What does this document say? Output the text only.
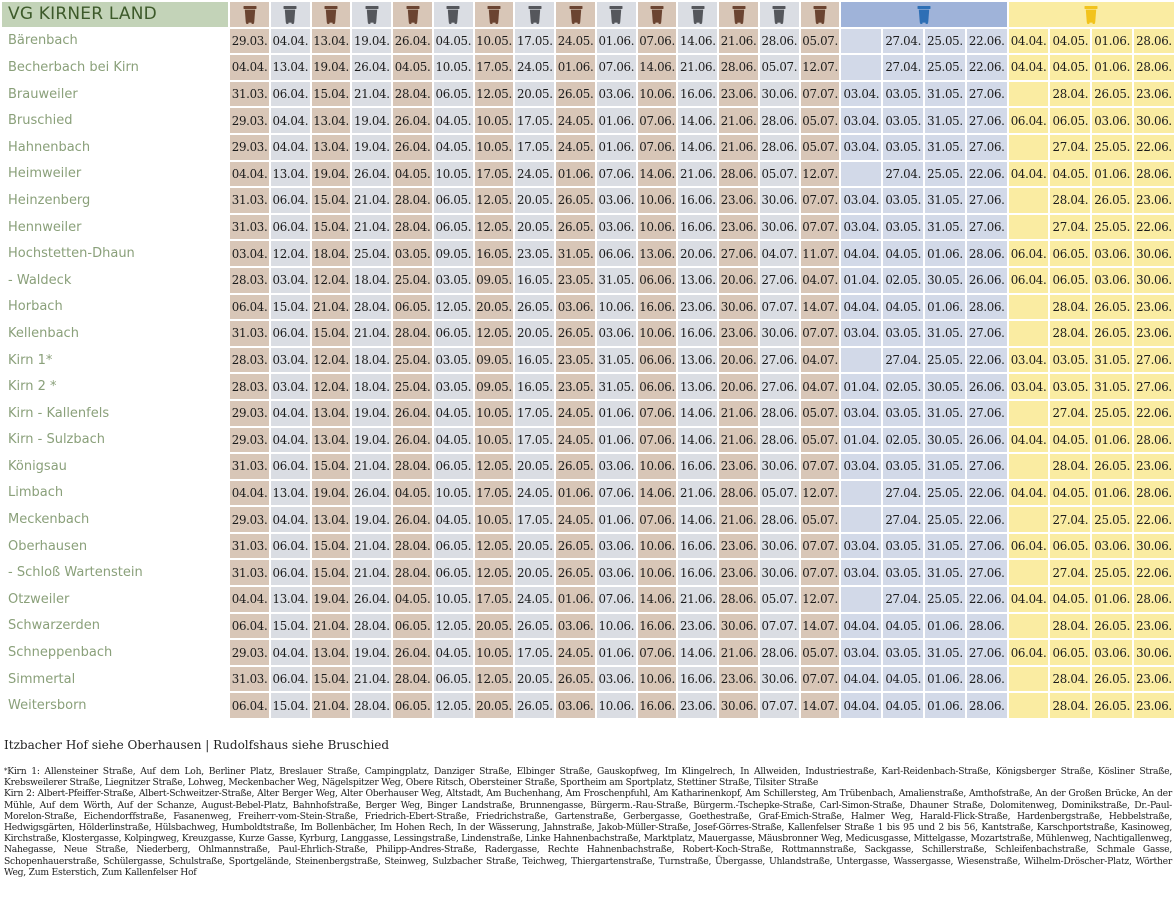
VG KIRNER LAND																	
Bärenbach	29.03.	04.04.	13.04.	19.04.	26.04.	04.05.	10.05.	17.05.	24.05.	01.06.	07.06.	14.06.	21.06.	28.06.	05.07.		27.04.	25.05.	22.06.	04.04.	04.05.	01.06.	28.06.
Becherbach bei Kirn	04.04.	13.04.	19.04.	26.04.	04.05.	10.05.	17.05.	24.05.	01.06.	07.06.	14.06.	21.06.	28.06.	05.07.	12.07.		27.04.	25.05.	22.06.	04.04.	04.05.	01.06.	28.06.
Brauweiler	31.03.	06.04.	15.04.	21.04.	28.04.	06.05.	12.05.	20.05.	26.05.	03.06.	10.06.	16.06.	23.06.	30.06.	07.07.	03.04.	03.05.	31.05.	27.06.		28.04.	26.05.	23.06.
Bruschied	29.03.	04.04.	13.04.	19.04.	26.04.	04.05.	10.05.	17.05.	24.05.	01.06.	07.06.	14.06.	21.06.	28.06.	05.07.	03.04.	03.05.	31.05.	27.06.	06.04.	06.05.	03.06.	30.06.
Hahnenbach	29.03.	04.04.	13.04.	19.04.	26.04.	04.05.	10.05.	17.05.	24.05.	01.06.	07.06.	14.06.	21.06.	28.06.	05.07.	03.04.	03.05.	31.05.	27.06.		27.04.	25.05.	22.06.
Heimweiler	04.04.	13.04.	19.04.	26.04.	04.05.	10.05.	17.05.	24.05.	01.06.	07.06.	14.06.	21.06.	28.06.	05.07.	12.07.		27.04.	25.05.	22.06.	04.04.	04.05.	01.06.	28.06.
Heinzenberg	31.03.	06.04.	15.04.	21.04.	28.04.	06.05.	12.05.	20.05.	26.05.	03.06.	10.06.	16.06.	23.06.	30.06.	07.07.	03.04.	03.05.	31.05.	27.06.		28.04.	26.05.	23.06.
Hennweiler	31.03.	06.04.	15.04.	21.04.	28.04.	06.05.	12.05.	20.05.	26.05.	03.06.	10.06.	16.06.	23.06.	30.06.	07.07.	03.04.	03.05.	31.05.	27.06.		27.04.	25.05.	22.06.
Hochstetten-Dhaun	03.04.	12.04.	18.04.	25.04.	03.05.	09.05.	16.05.	23.05.	31.05.	06.06.	13.06.	20.06.	27.06.	04.07.	11.07.	04.04.	04.05.	01.06.	28.06.	06.04.	06.05.	03.06.	30.06.
- Waldeck	28.03.	03.04.	12.04.	18.04.	25.04.	03.05.	09.05.	16.05.	23.05.	31.05.	06.06.	13.06.	20.06.	27.06.	04.07.	01.04.	02.05.	30.05.	26.06.	06.04.	06.05.	03.06.	30.06.
Horbach	06.04.	15.04.	21.04.	28.04.	06.05.	12.05.	20.05.	26.05.	03.06.	10.06.	16.06.	23.06.	30.06.	07.07.	14.07.	04.04.	04.05.	01.06.	28.06.		28.04.	26.05.	23.06.
Kellenbach	31.03.	06.04.	15.04.	21.04.	28.04.	06.05.	12.05.	20.05.	26.05.	03.06.	10.06.	16.06.	23.06.	30.06.	07.07.	03.04.	03.05.	31.05.	27.06.		28.04.	26.05.	23.06.
Kirn 1*	28.03.	03.04.	12.04.	18.04.	25.04.	03.05.	09.05.	16.05.	23.05.	31.05.	06.06.	13.06.	20.06.	27.06.	04.07.		27.04.	25.05.	22.06.	03.04.	03.05.	31.05.	27.06.
Kirn 2 *	28.03.	03.04.	12.04.	18.04.	25.04.	03.05.	09.05.	16.05.	23.05.	31.05.	06.06.	13.06.	20.06.	27.06.	04.07.	01.04.	02.05.	30.05.	26.06.	03.04.	03.05.	31.05.	27.06.
Kirn - Kallenfels	29.03.	04.04.	13.04.	19.04.	26.04.	04.05.	10.05.	17.05.	24.05.	01.06.	07.06.	14.06.	21.06.	28.06.	05.07.	03.04.	03.05.	31.05.	27.06.		27.04.	25.05.	22.06.
Kirn - Sulzbach	29.03.	04.04.	13.04.	19.04.	26.04.	04.05.	10.05.	17.05.	24.05.	01.06.	07.06.	14.06.	21.06.	28.06.	05.07.	01.04.	02.05.	30.05.	26.06.	04.04.	04.05.	01.06.	28.06.
Königsau	31.03.	06.04.	15.04.	21.04.	28.04.	06.05.	12.05.	20.05.	26.05.	03.06.	10.06.	16.06.	23.06.	30.06.	07.07.	03.04.	03.05.	31.05.	27.06.		28.04.	26.05.	23.06.
Limbach	04.04.	13.04.	19.04.	26.04.	04.05.	10.05.	17.05.	24.05.	01.06.	07.06.	14.06.	21.06.	28.06.	05.07.	12.07.		27.04.	25.05.	22.06.	04.04.	04.05.	01.06.	28.06.
Meckenbach	29.03.	04.04.	13.04.	19.04.	26.04.	04.05.	10.05.	17.05.	24.05.	01.06.	07.06.	14.06.	21.06.	28.06.	05.07.		27.04.	25.05.	22.06.		27.04.	25.05.	22.06.
Oberhausen	31.03.	06.04.	15.04.	21.04.	28.04.	06.05.	12.05.	20.05.	26.05.	03.06.	10.06.	16.06.	23.06.	30.06.	07.07.	03.04.	03.05.	31.05.	27.06.	06.04.	06.05.	03.06.	30.06.
- Schloß Wartenstein	31.03.	06.04.	15.04.	21.04.	28.04.	06.05.	12.05.	20.05.	26.05.	03.06.	10.06.	16.06.	23.06.	30.06.	07.07.	03.04.	03.05.	31.05.	27.06.		27.04.	25.05.	22.06.
Otzweiler	04.04.	13.04.	19.04.	26.04.	04.05.	10.05.	17.05.	24.05.	01.06.	07.06.	14.06.	21.06.	28.06.	05.07.	12.07.		27.04.	25.05.	22.06.	04.04.	04.05.	01.06.	28.06.
Schwarzerden	06.04.	15.04.	21.04.	28.04.	06.05.	12.05.	20.05.	26.05.	03.06.	10.06.	16.06.	23.06.	30.06.	07.07.	14.07.	04.04.	04.05.	01.06.	28.06.		28.04.	26.05.	23.06.
Schneppenbach	29.03.	04.04.	13.04.	19.04.	26.04.	04.05.	10.05.	17.05.	24.05.	01.06.	07.06.	14.06.	21.06.	28.06.	05.07.	03.04.	03.05.	31.05.	27.06.	06.04.	06.05.	03.06.	30.06.
Simmertal	31.03.	06.04.	15.04.	21.04.	28.04.	06.05.	12.05.	20.05.	26.05.	03.06.	10.06.	16.06.	23.06.	30.06.	07.07.	04.04.	04.05.	01.06.	28.06.		28.04.	26.05.	23.06.
Weitersborn	06.04.	15.04.	21.04.	28.04.	06.05.	12.05.	20.05.	26.05.	03.06.	10.06.	16.06.	23.06.	30.06.	07.07.	14.07.	04.04.	04.05.	01.06.	28.06.		28.04.	26.05.	23.06.
Itzbacher Hof siehe Oberhausen | Rudolfshaus siehe Bruschied

*Kirn 1: Allensteiner Straße, Auf dem Loh, Berliner Platz, Breslauer Straße, Campingplatz, Danziger Straße, Elbinger Straße, Gauskopfweg, Im Klingelrech, In Allweiden, Industriestraße, Karl-Reidenbach-Straße, Königsberger Straße, Kösliner Straße, Krebsweilerer Straße, Liegnitzer Straße, Lohweg, Meckenbacher Weg, Nägelspitzer Weg, Obere Ritsch, Obersteiner Straße, Sportheim am Sportplatz, Stettiner Straße, Tilsiter Straße

Kirn 2: Albert-Pfeiffer-Straße, Albert-Schweitzer-Straße, Alter Berger Weg, Alter Oberhauser Weg, Altstadt, Am Buchenhang, Am Froschenpfuhl, Am Katharinenkopf, Am Schillersteg, Am Trübenbach, Amalienstraße, Amthofstraße, An der Großen Brücke, An der Mühle, Auf dem Wörth, Auf der Schanze, August-Bebel-Platz, Bahnhofstraße, Berger Weg, Binger Landstraße, Brunnengasse, Bürgerm.-Rau-Straße, Bürgerm.-Tschepke-Straße, Carl-Simon-Straße, Dhauner Straße, Dolomitenweg, Dominikstraße, Dr.-Paul-Morelon-Straße, Eichendorffstraße, Fasanenweg, Freiherr-vom-Stein-Straße, Friedrich-Ebert-Straße, Friedrichstraße, Gartenstraße, Gerbergasse, Goethestraße, Graf-Emich-Straße, Halmer Weg, Harald-Flick-Straße, Hardenbergstraße, Hebbelstraße, Hedwigsgärten, Hölderlinstraße, Hülsbachweg, Humboldtstraße, Im Bollenbächer, Im Hohen Rech, In der Wässerung, Jahnstraße, Jakob-Müller-Straße, Josef-Görres-Straße, Kallenfelser Straße 1 bis 95 und 2 bis 56, Kantstraße, Karschportstraße, Kasinoweg, Kirchstraße, Klostergasse, Kolpingweg, Kreuzgasse, Kurze Gasse, Kyrburg, Langgasse, Lessingstraße, Lindenstraße, Linke Hahnenbachstraße, Marktplatz, Mauergasse, Mäusbronner Weg, Medicusgasse, Mittelgasse, Mozartstraße, Mühlenweg, Nachtigallenweg, Nahegasse, Neue Straße, Niederberg, Ohlmannstraße, Paul-Ehrlich-Straße, Philipp-Andres-Straße, Radergasse, Rechte Hahnenbachstraße, Robert-Koch-Straße, Rottmannstraße, Sackgasse, Schillerstraße, Schleifenbachstraße, Schmale Gasse, Schopenhauerstraße, Schülergasse, Schulstraße, Sportgelände, Steinenbergstraße, Steinweg, Sulzbacher Straße, Teichweg, Thiergartenstraße, Turnstraße, Übergasse, Uhlandstraße, Untergasse, Wassergasse, Wiesenstraße, Wilhelm-Dröscher-Platz, Wörther Weg, Zum Esterstich, Zum Kallenfelser Hof
